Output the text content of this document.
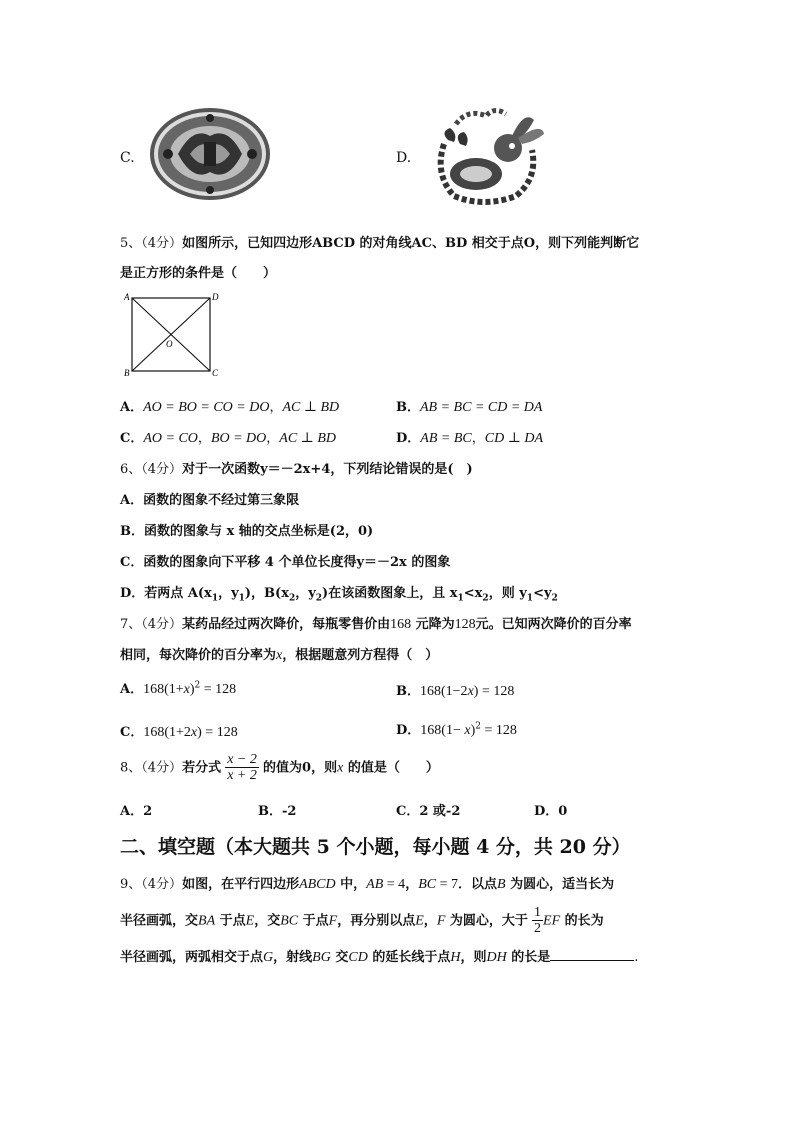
C.	D.
5、（4分）如图所示，已知四边形ABCD 的对角线AC、BD 相交于点O，则下列能判断它
是正方形的条件是（　　）
A	D
B	C
O
A．AO = BO = CO = DO，AC ⊥ BD	B．AB = BC = CD = DA
C．AO = CO，BO = DO，AC ⊥ BD	D．AB = BC，CD ⊥ DA
6、（4分）对于一次函数y＝－2x+4，下列结论错误的是(　)
A．函数的图象不经过第三象限
B．函数的图象与 x 轴的交点坐标是(2，0)
C．函数的图象向下平移 4 个单位长度得y＝－2x 的图象
D．若两点 $A(x_1$，$y_1$)，$B(x_2$，$y_2$)在该函数图象上，且 $x_1<x_2$，则 $y_1<y_2$
7、（4分）某药品经过两次降价，每瓶零售价由168 元降为128元。已知两次降价的百分率
相同，每次降价的百分率为x，根据题意列方程得（　）
A．$168(1+x)^2 = 128$	B．168(1−2x) = 128
C．168(1+2x) = 128	D．$168(1- x)^2 = 128$
8、（4分）若分式 $\frac{x - 2}{x + 2}$ 的值为0，则x 的值是（　　）
A．2	B．-2	C．2 或-2	D．0
二、填空题（本大题共 5 个小题，每小题 4 分，共 20 分）
9、（4分）如图，在平行四边形ABCD 中，AB = 4，BC = 7．以点B 为圆心，适当长为
半径画弧，交BA 于点E，交BC 于点F，再分别以点E，F 为圆心，大于 $\frac{1}{2}$ EF 的长为
半径画弧，两弧相交于点G，射线BG 交CD 的延长线于点H，则DH 的长是	.
